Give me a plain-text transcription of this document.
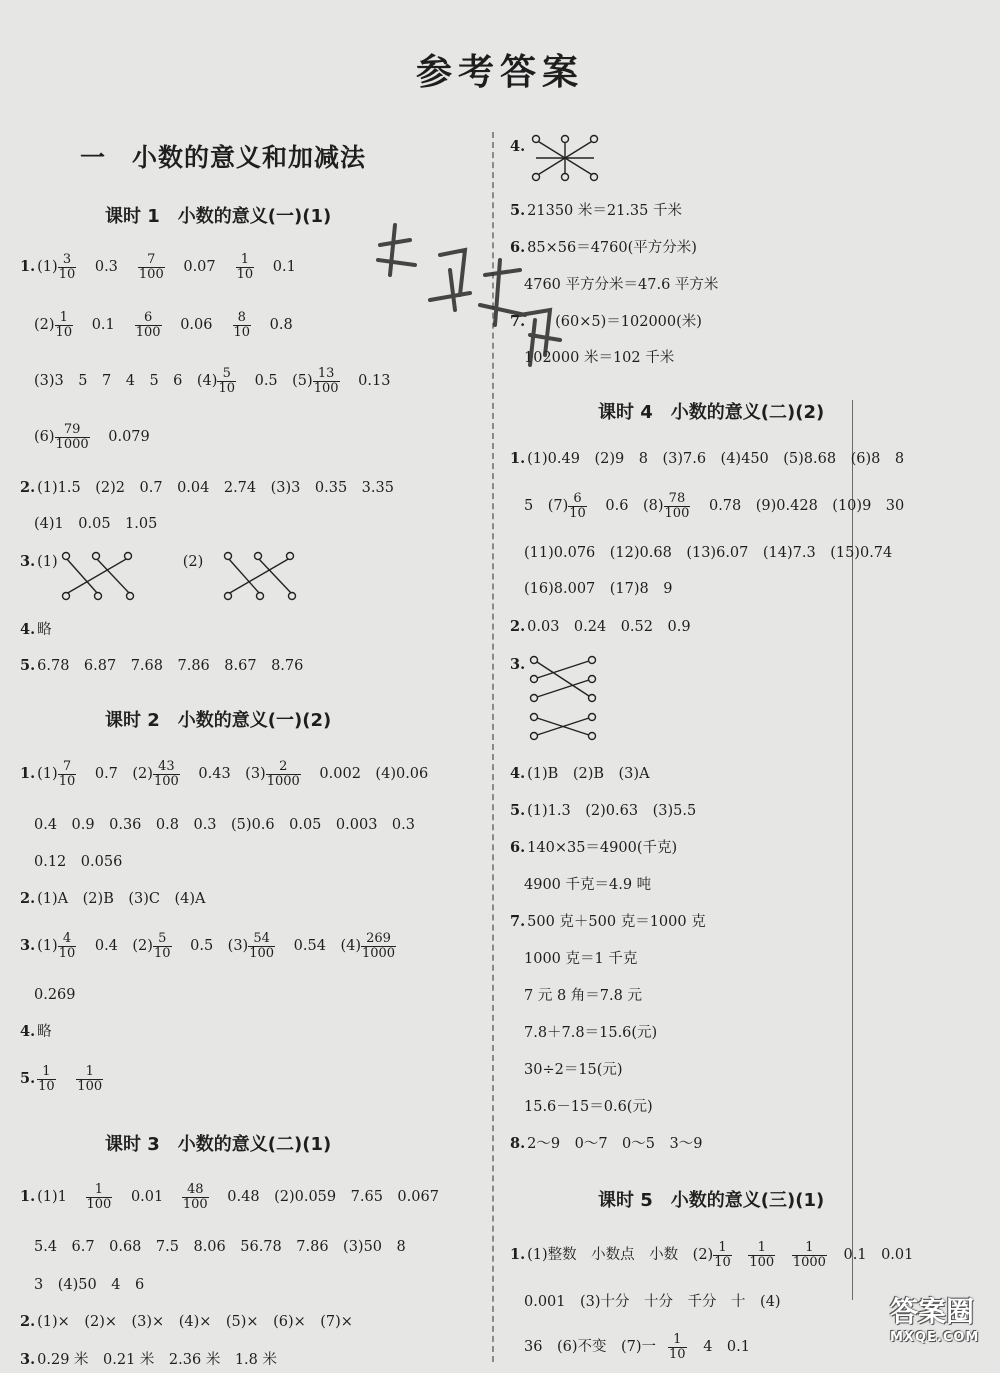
参考答案
一　小数的意义和加减法
课时 1　小数的意义(一)(1)
1. $(1) \frac{3}{10} 0.3 \frac{7}{100} 0.07 \frac{1}{10} 0.1$
$(2) \frac{1}{10} 0.1 \frac{6}{100} 0.06 \frac{8}{10} 0.8$
(3)3　5　7　4　5　6　$(4) \frac{5}{10} 0.5$　$(5) \frac{13}{100} 0.13$
$(6) \frac{79}{1000} 0.079$
2. (1)1.5　(2)2　0.7　0.04　2.74　(3)3　0.35　3.35
(4)1　0.05　1.05
3. (1)	(2)
4. 略
5. 6.78　6.87　7.68　7.86　8.67　8.76
课时 2　小数的意义(一)(2)
1. $(1) \frac{7}{10} 0.7$　$(2) \frac{43}{100} 0.43$　$(3) \frac{2}{1000} 0.002$　(4)0.06
0.4　0.9　0.36　0.8　0.3　(5)0.6　0.05　0.003　0.3
0.12　0.056
2. (1)A　(2)B　(3)C　(4)A
3. $(1) \frac{4}{10} 0.4$　$(2) \frac{5}{10} 0.5$　$(3) \frac{54}{100} 0.54$　$(4) \frac{269}{1000}$
0.269
4. 略
5. $\frac{1}{10}$
$\frac{1}{100}$
课时 3　小数的意义(二)(1)
1. $(1)1 \frac{1}{100} 0.01 \frac{48}{100} 0.48$　(2)0.059　7.65　0.067
5.4　6.7　0.68　7.5　8.06　56.78　7.86　(3)50　8
3　(4)50　4　6
2. (1)×　(2)×　(3)×　(4)×　(5)×　(6)×　(7)×
3. 0.29 米　0.21 米　2.36 米　1.8 米
4.
5. 21350 米＝21.35 千米
6. 85×56＝4760(平方分米)
4760 平方分米＝47.6 平方米
7. (60×5)＝102000(米)
102000 米＝102 千米
课时 4　小数的意义(二)(2)
1. (1)0.49　(2)9　8　(3)7.6　(4)450　(5)8.68　(6)8　8
5　$(7) \frac{6}{10} 0.6$　$(8) \frac{78}{100} 0.78$　(9)0.428　(10)9　30
(11)0.076　(12)0.68　(13)6.07　(14)7.3　(15)0.74
(16)8.007　(17)8　9
2. 0.03　0.24　0.52　0.9
3.
4. (1)B　(2)B　(3)A
5. (1)1.3　(2)0.63　(3)5.5
6. 140×35＝4900(千克)
4900 千克＝4.9 吨
7. 500 克＋500 克＝1000 克
1000 克＝1 千克
7 元 8 角＝7.8 元
7.8＋7.8＝15.6(元)
30÷2＝15(元)
15.6－15＝0.6(元)
8. 2～9　0～7　0～5　3～9
课时 5　小数的意义(三)(1)
1. (1)整数　小数点　小数　$(2) \frac{1}{10}$
$\frac{1}{100}$
$\frac{1}{1000} 0.1$　0.01
0.001　(3)十分　十分　千分　十　(4)
36　(6)不变　(7)一 $\frac{1}{10} 4$　0.1
互助文档
答案圈
MXQE.COM
